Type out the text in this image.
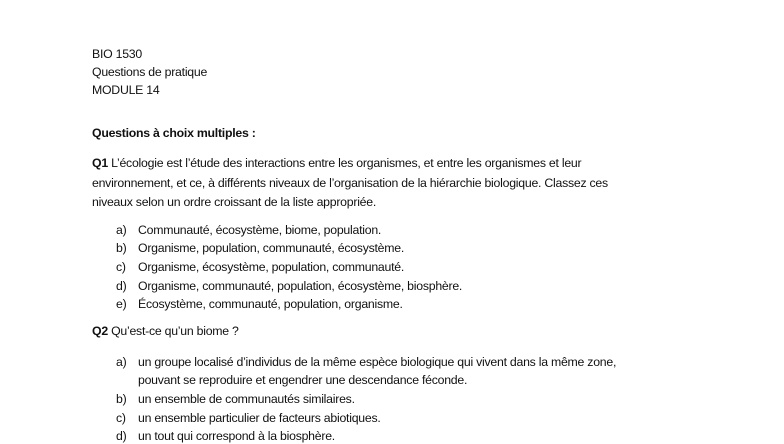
BIO 1530
Questions de pratique
MODULE 14
Questions à choix multiples :
Q1 L’écologie est l’étude des interactions entre les organismes, et entre les organismes et leur
environnement, et ce, à différents niveaux de l’organisation de la hiérarchie biologique. Classez ces
niveaux selon un ordre croissant de la liste appropriée.
a) Communauté, écosystème, biome, population.
b) Organisme, population, communauté, écosystème.
c) Organisme, écosystème, population, communauté.
d) Organisme, communauté, population, écosystème, biosphère.
e) Écosystème, communauté, population, organisme.
Q2 Qu’est-ce qu’un biome ?
a) un groupe localisé d’individus de la même espèce biologique qui vivent dans la même zone,
pouvant se reproduire et engendrer une descendance féconde.
b) un ensemble de communautés similaires.
c) un ensemble particulier de facteurs abiotiques.
d) un tout qui correspond à la biosphère.
